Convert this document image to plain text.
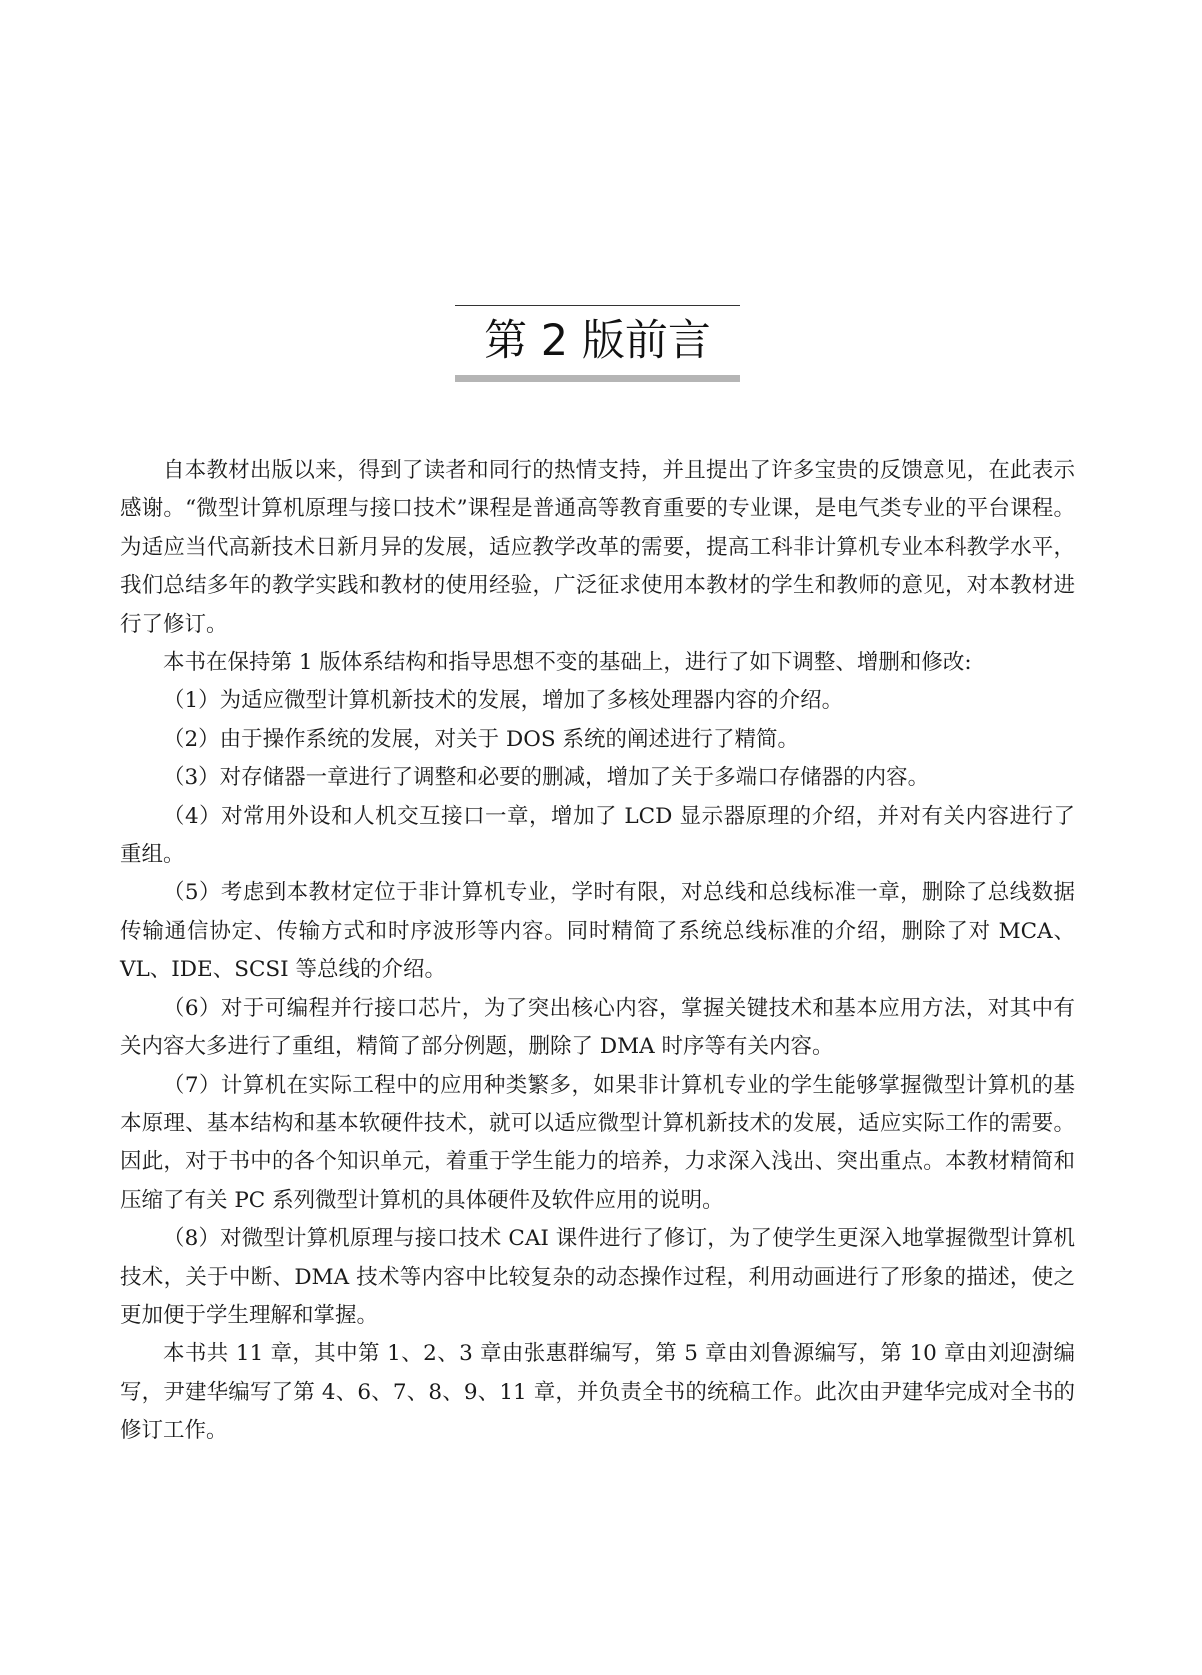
第 2 版前言

自本教材出版以来，得到了读者和同行的热情支持，并且提出了许多宝贵的反馈意见，在此表示感谢。“微型计算机原理与接口技术”课程是普通高等教育重要的专业课，是电气类专业的平台课程。为适应当代高新技术日新月异的发展，适应教学改革的需要，提高工科非计算机专业本科教学水平，我们总结多年的教学实践和教材的使用经验，广泛征求使用本教材的学生和教师的意见，对本教材进行了修订。

本书在保持第 1 版体系结构和指导思想不变的基础上，进行了如下调整、增删和修改:

（1）为适应微型计算机新技术的发展，增加了多核处理器内容的介绍。

（2）由于操作系统的发展，对关于 DOS 系统的阐述进行了精简。

（3）对存储器一章进行了调整和必要的删减，增加了关于多端口存储器的内容。

（4）对常用外设和人机交互接口一章，增加了 LCD 显示器原理的介绍，并对有关内容进行了重组。

（5）考虑到本教材定位于非计算机专业，学时有限，对总线和总线标准一章，删除了总线数据传输通信协定、传输方式和时序波形等内容。同时精简了系统总线标准的介绍，删除了对 MCA、VL、IDE、SCSI 等总线的介绍。

（6）对于可编程并行接口芯片，为了突出核心内容，掌握关键技术和基本应用方法，对其中有关内容大多进行了重组，精简了部分例题，删除了 DMA 时序等有关内容。

（7）计算机在实际工程中的应用种类繁多，如果非计算机专业的学生能够掌握微型计算机的基本原理、基本结构和基本软硬件技术，就可以适应微型计算机新技术的发展，适应实际工作的需要。因此，对于书中的各个知识单元，着重于学生能力的培养，力求深入浅出、突出重点。本教材精简和压缩了有关 PC 系列微型计算机的具体硬件及软件应用的说明。

（8）对微型计算机原理与接口技术 CAI 课件进行了修订，为了使学生更深入地掌握微型计算机技术，关于中断、DMA 技术等内容中比较复杂的动态操作过程，利用动画进行了形象的描述，使之更加便于学生理解和掌握。

本书共 11 章，其中第 1、2、3 章由张惠群编写，第 5 章由刘鲁源编写，第 10 章由刘迎澍编写，尹建华编写了第 4、6、7、8、9、11 章，并负责全书的统稿工作。此次由尹建华完成对全书的修订工作。
